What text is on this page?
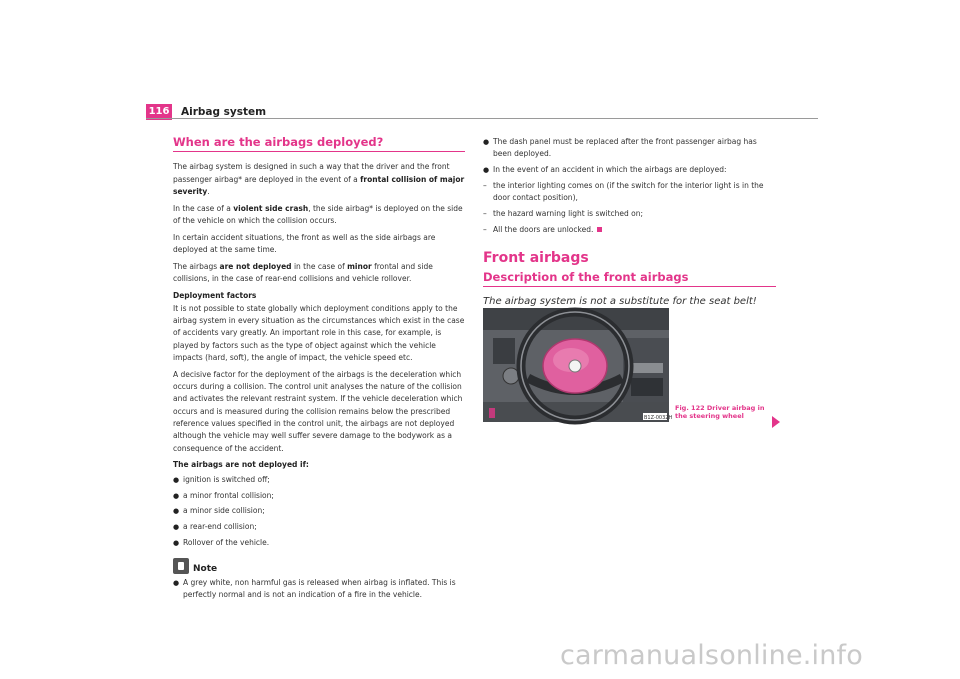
116 Airbag system
When are the airbags deployed?

The airbag system is designed in such a way that the driver and the front passenger airbag* are deployed in the event of a frontal collision of major severity.

In the case of a violent side crash, the side airbag* is deployed on the side of the vehicle on which the collision occurs.

In certain accident situations, the front as well as the side airbags are deployed at the same time.

The airbags are not deployed in the case of minor frontal and side collisions, in the case of rear-end collisions and vehicle rollover.

Deployment factors

It is not possible to state globally which deployment conditions apply to the airbag system in every situation as the circumstances which exist in the case of accidents vary greatly. An important role in this case, for example, is played by factors such as the type of object against which the vehicle impacts (hard, soft), the angle of impact, the vehicle speed etc.

A decisive factor for the deployment of the airbags is the deceleration which occurs during a collision. The control unit analyses the nature of the collision and activates the relevant restraint system. If the vehicle deceleration which occurs and is measured during the collision remains below the prescribed reference values specified in the control unit, the airbags are not deployed although the vehicle may well suffer severe damage to the bodywork as a consequence of the accident.

The airbags are not deployed if:

● ignition is switched off;
● a minor frontal collision;
● a minor side collision;
● a rear-end collision;
● Rollover of the vehicle.
Note
● A grey white, non harmful gas is released when airbag is inflated. This is perfectly normal and is not an indication of a fire in the vehicle.
● The dash panel must be replaced after the front passenger airbag has been deployed.
● In the event of an accident in which the airbags are deployed:
– the interior lighting comes on (if the switch for the interior light is in the door contact position),
– the hazard warning light is switched on;
– All the doors are unlocked.
Front airbags
Description of the front airbags
The airbag system is not a substitute for the seat belt!
B1Z-0032H
Fig. 122 Driver airbag in the steering wheel
carmanualsonline.info
